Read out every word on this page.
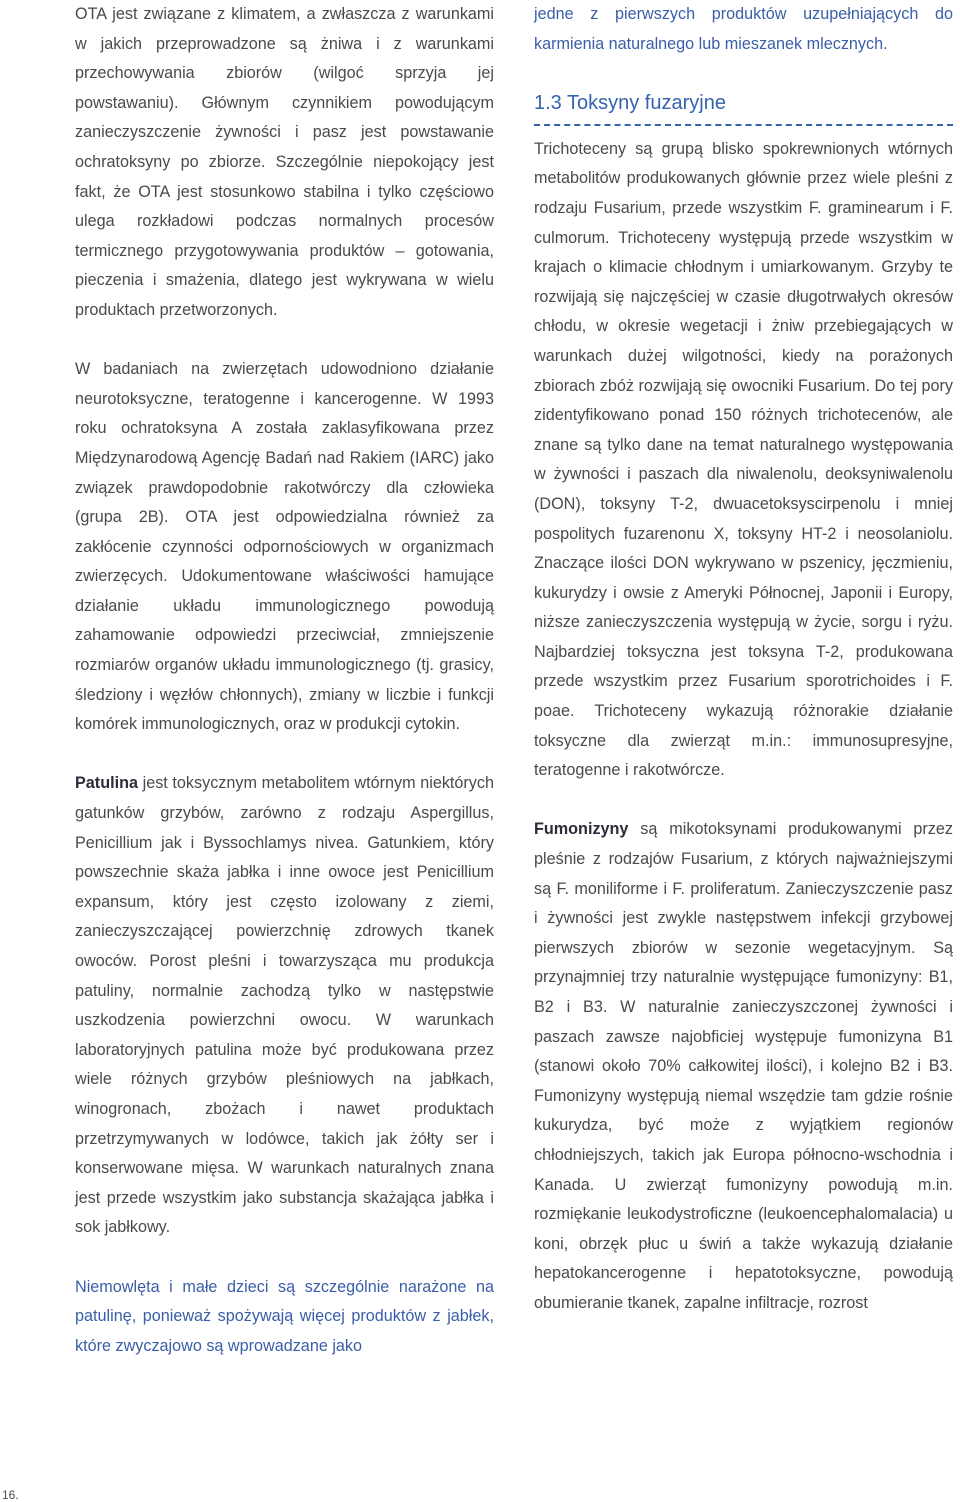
OTA jest związane z klimatem, a zwłaszcza z warunkami w jakich przeprowadzone są żniwa i z warunkami przechowywania zbiorów (wilgoć sprzyja jej powstawaniu). Głównym czynnikiem powodującym zanieczyszczenie żywności i pasz jest powstawanie ochratoksyny po zbiorze. Szczególnie niepokojący jest fakt, że OTA jest stosunkowo stabilna i tylko częściowo ulega rozkładowi podczas normalnych procesów termicznego przygotowywania produktów – gotowania, pieczenia i smażenia, dlatego jest wykrywana w wielu produktach przetworzonych.

W badaniach na zwierzętach udowodniono działanie neurotoksyczne, teratogenne i kancerogenne. W 1993 roku ochratoksyna A została zaklasyfikowana przez Międzynarodową Agencję Badań nad Rakiem (IARC) jako związek prawdopodobnie rakotwórczy dla człowieka (grupa 2B). OTA jest odpowiedzialna również za zakłócenie czynności odpornościowych w organizmach zwierzęcych. Udokumentowane właściwości hamujące działanie układu immunologicznego powodują zahamowanie odpowiedzi przeciwciał, zmniejszenie rozmiarów organów układu immunologicznego (tj. grasicy, śledziony i węzłów chłonnych), zmiany w liczbie i funkcji komórek immunologicznych, oraz w produkcji cytokin.

Patulina jest toksycznym metabolitem wtórnym niektórych gatunków grzybów, zarówno z rodzaju Aspergillus, Penicillium jak i Byssochlamys nivea. Gatunkiem, który powszechnie skaża jabłka i inne owoce jest Penicillium expansum, który jest często izolowany z ziemi, zanieczyszczającej powierzchnię zdrowych tkanek owoców. Porost pleśni i towarzysząca mu produkcja patuliny, normalnie zachodzą tylko w następstwie uszkodzenia powierzchni owocu. W warunkach laboratoryjnych patulina może być produkowana przez wiele różnych grzybów pleśniowych na jabłkach, winogronach, zbożach i nawet produktach przetrzymywanych w lodówce, takich jak żółty ser i konserwowane mięsa. W warunkach naturalnych znana jest przede wszystkim jako substancja skażająca jabłka i sok jabłkowy.

Niemowlęta i małe dzieci są szczególnie narażone na patulinę, ponieważ spożywają więcej produktów z jabłek, które zwyczajowo są wprowadzane jako

jedne z pierwszych produktów uzupełniających do karmienia naturalnego lub mieszanek mlecznych.

1.3 Toksyny fuzaryjne

Trichoteceny są grupą blisko spokrewnionych wtórnych metabolitów produkowanych głównie przez wiele pleśni z rodzaju Fusarium, przede wszystkim F. graminearum i F. culmorum. Trichoteceny występują przede wszystkim w krajach o klimacie chłodnym i umiarkowanym. Grzyby te rozwijają się najczęściej w czasie długotrwałych okresów chłodu, w okresie wegetacji i żniw przebiegających w warunkach dużej wilgotności, kiedy na porażonych zbiorach zbóż rozwijają się owocniki Fusarium. Do tej pory zidentyfikowano ponad 150 różnych trichotecenów, ale znane są tylko dane na temat naturalnego występowania w żywności i paszach dla niwalenolu, deoksyniwalenolu (DON), toksyny T-2, dwuacetoksyscirpenolu i mniej pospolitych fuzarenonu X, toksyny HT-2 i neosolaniolu. Znaczące ilości DON wykrywano w pszenicy, jęczmieniu, kukurydzy i owsie z Ameryki Północnej, Japonii i Europy, niższe zanieczyszczenia występują w życie, sorgu i ryżu. Najbardziej toksyczna jest toksyna T-2, produkowana przede wszystkim przez Fusarium sporotrichoides i F. poae. Trichoteceny wykazują różnorakie działanie toksyczne dla zwierząt m.in.: immunosupresyjne, teratogenne i rakotwórcze.

Fumonizyny są mikotoksynami produkowanymi przez pleśnie z rodzajów Fusarium, z których najważniejszymi są F. moniliforme i F. proliferatum. Zanieczyszczenie pasz i żywności jest zwykle następstwem infekcji grzybowej pierwszych zbiorów w sezonie wegetacyjnym. Są przynajmniej trzy naturalnie występujące fumonizyny: B1, B2 i B3. W naturalnie zanieczyszczonej żywności i paszach zawsze najobficiej występuje fumonizyna B1 (stanowi około 70% całkowitej ilości), i kolejno B2 i B3. Fumonizyny występują niemal wszędzie tam gdzie rośnie kukurydza, być może z wyjątkiem regionów chłodniejszych, takich jak Europa północno-wschodnia i Kanada. U zwierząt fumonizyny powodują m.in. rozmiękanie leukodystroficzne (leukoencephalomalacia) u koni, obrzęk płuc u świń a także wykazują działanie hepatokancerogenne i hepatotoksyczne, powodują obumieranie tkanek, zapalne infiltracje, rozrost

16.
